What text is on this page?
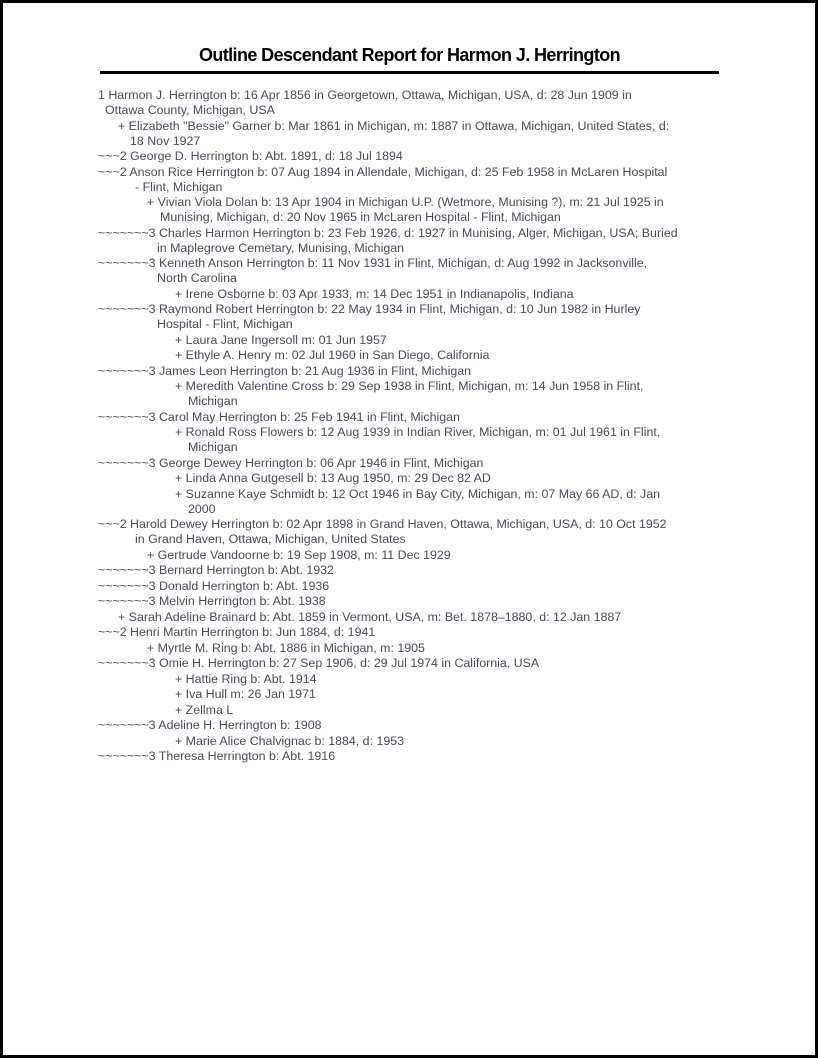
Outline Descendant Report for Harmon J. Herrington
1 Harmon J. Herrington b: 16 Apr 1856 in Georgetown, Ottawa, Michigan, USA, d: 28 Jun 1909 in
Ottawa County, Michigan, USA
+ Elizabeth "Bessie" Garner b: Mar 1861 in Michigan, m: 1887 in Ottawa, Michigan, United States, d:
18 Nov 1927
~~~2 George D. Herrington b: Abt. 1891, d: 18 Jul 1894
~~~2 Anson Rice Herrington b: 07 Aug 1894 in Allendale, Michigan, d: 25 Feb 1958 in McLaren Hospital
- Flint, Michigan
+ Vivian Viola Dolan b: 13 Apr 1904 in Michigan U.P. (Wetmore, Munising ?), m: 21 Jul 1925 in
Munising, Michigan, d: 20 Nov 1965 in McLaren Hospital - Flint, Michigan
~~~~~~~3 Charles Harmon Herrington b: 23 Feb 1926, d: 1927 in Munising, Alger, Michigan, USA; Buried
in Maplegrove Cemetary, Munising, Michigan
~~~~~~~3 Kenneth Anson Herrington b: 11 Nov 1931 in Flint, Michigan, d: Aug 1992 in Jacksonville,
North Carolina
+ Irene Osborne b: 03 Apr 1933, m: 14 Dec 1951 in Indianapolis, Indiana
~~~~~~~3 Raymond Robert Herrington b: 22 May 1934 in Flint, Michigan, d: 10 Jun 1982 in Hurley
Hospital - Flint, Michigan
+ Laura Jane Ingersoll m: 01 Jun 1957
+ Ethyle A. Henry m: 02 Jul 1960 in San Diego, California
~~~~~~~3 James Leon Herrington b: 21 Aug 1936 in Flint, Michigan
+ Meredith Valentine Cross b: 29 Sep 1938 in Flint, Michigan, m: 14 Jun 1958 in Flint,
Michigan
~~~~~~~3 Carol May Herrington b: 25 Feb 1941 in Flint, Michigan
+ Ronald Ross Flowers b: 12 Aug 1939 in Indian River, Michigan, m: 01 Jul 1961 in Flint,
Michigan
~~~~~~~3 George Dewey Herrington b: 06 Apr 1946 in Flint, Michigan
+ Linda Anna Gutgesell b: 13 Aug 1950, m: 29 Dec 82 AD
+ Suzanne Kaye Schmidt b: 12 Oct 1946 in Bay City, Michigan, m: 07 May 66 AD, d: Jan
2000
~~~2 Harold Dewey Herrington b: 02 Apr 1898 in Grand Haven, Ottawa, Michigan, USA, d: 10 Oct 1952
in Grand Haven, Ottawa, Michigan, United States
+ Gertrude Vandoorne b: 19 Sep 1908, m: 11 Dec 1929
~~~~~~~3 Bernard Herrington b: Abt. 1932
~~~~~~~3 Donald Herrington b: Abt. 1936
~~~~~~~3 Melvin Herrington b: Abt. 1938
+ Sarah Adeline Brainard b: Abt. 1859 in Vermont, USA, m: Bet. 1878–1880, d: 12 Jan 1887
~~~2 Henri Martin Herrington b: Jun 1884, d: 1941
+ Myrtle M. Ring b: Abt. 1886 in Michigan, m: 1905
~~~~~~~3 Omie H. Herrington b: 27 Sep 1906, d: 29 Jul 1974 in California, USA
+ Hattie Ring b: Abt. 1914
+ Iva Hull m: 26 Jan 1971
+ Zellma L
~~~~~~~3 Adeline H. Herrington b: 1908
+ Marie Alice Chalvignac b: 1884, d: 1953
~~~~~~~3 Theresa Herrington b: Abt. 1916
